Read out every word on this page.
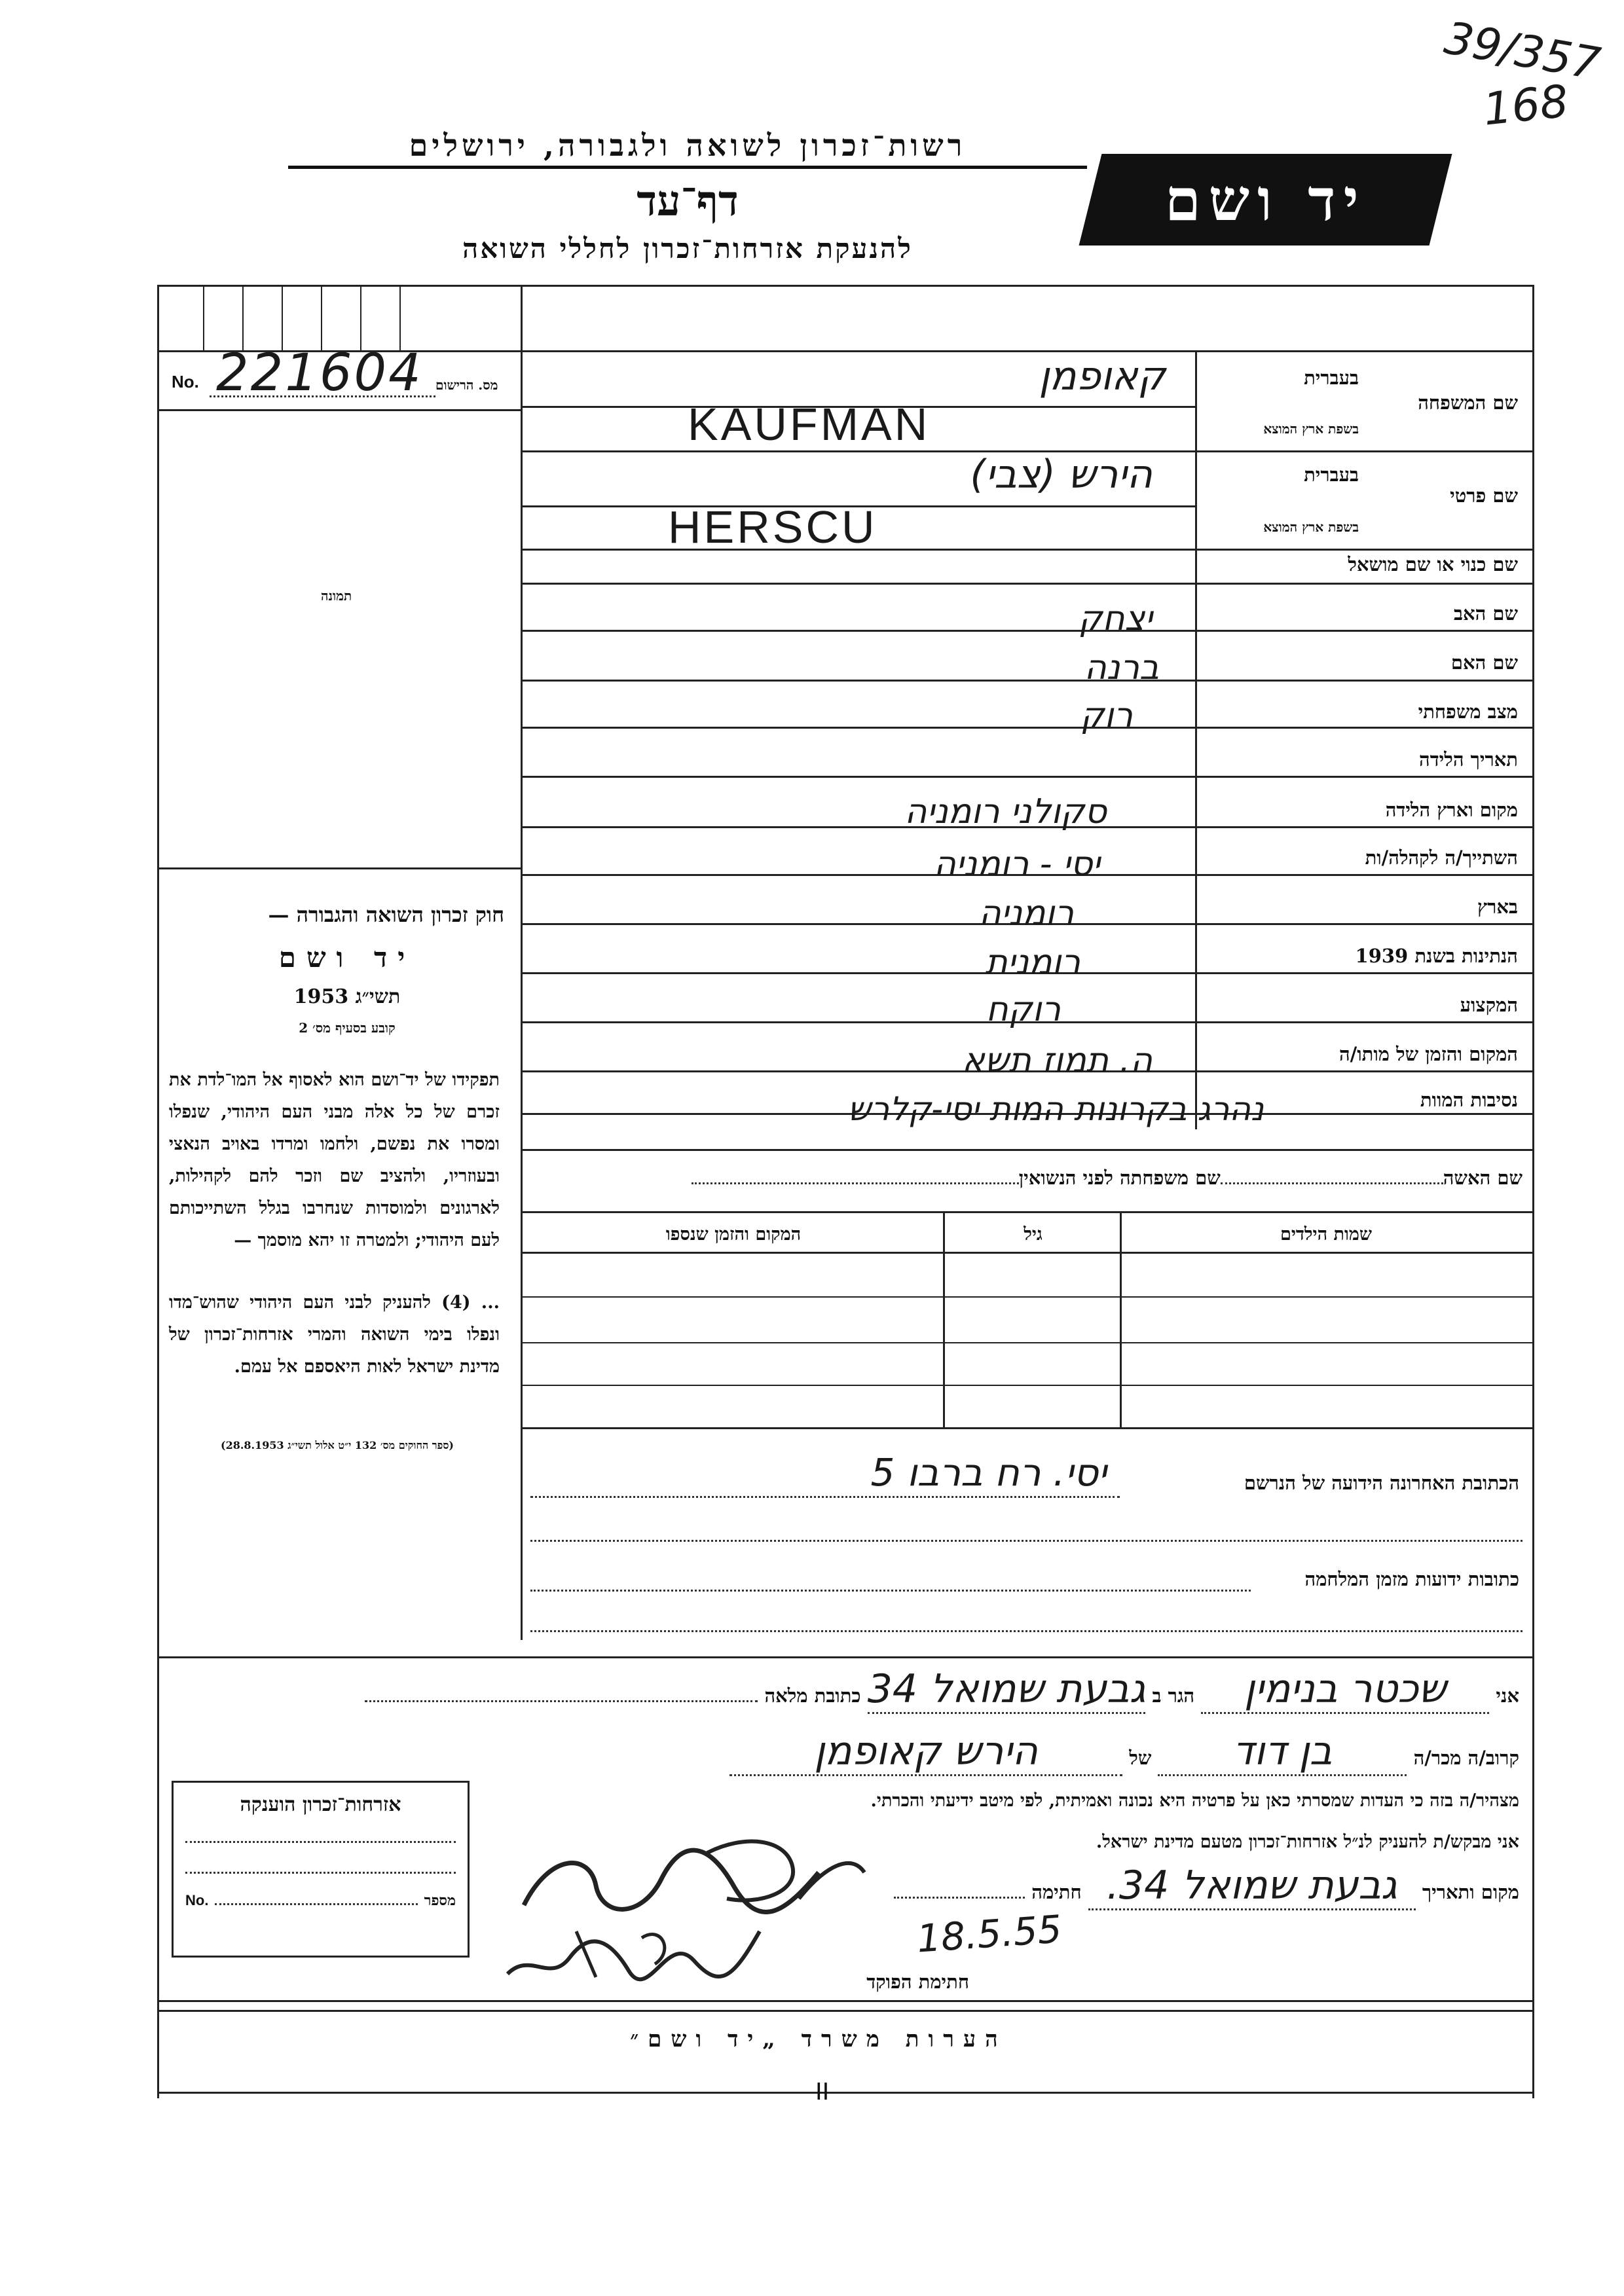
39/357
168
רשות־זכרון לשואה ולגבורה, ירושלים
דף־עד
להנעקת אזרחות־זכרון לחללי השואה
יד ושם
No. 221604 מס. הרישום
תמונה
חוק זכרון השואה והגבורה —
יד ושם
תשי״ג 1953
קובע בסעיף מס׳ 2
תפקידו של יד־ושם הוא לאסוף אל המו־לדת את זכרם של כל אלה מבני העם היהודי, שנפלו ומסרו את נפשם, ולחמו ומרדו באויב הנאצי ובעוזריו, ולהציב שם וזכר להם לקהילות, לארגונים ולמוסדות שנחרבו בגלל השתייכותם לעם היהודי; ולמטרה זו יהא מוסמך —
... (4) להעניק לבני העם היהודי שהוש־מדו ונפלו בימי השואה והמרי אזרחות־זכרון של מדינת ישראל לאות היאספם אל עמם.
(ספר החוקים מס׳ 132 י״ט אלול תשי״ג 28.8.1953)
שם המשפחה
בעברית
בשפת ארץ המוצא
שם פרטי
בעברית
בשפת ארץ המוצא
שם כנוי או שם מושאל
שם האב
שם האם
מצב משפחתי
תאריך הלידה
מקום וארץ הלידה
השתייך/ה לקהלה/ות
בארץ
הנתינות בשנת 1939
המקצוע
המקום והזמן של מותו/ה
נסיבות המוות
קאופמן
KAUFMAN
הירש (צבי)
HERSCU
יצחק
ברנה
רוק
סקולני רומניה
יסי - רומניה
רומניה
רומנית
רוקח
ה. תמוז תשא
נהרג בקרונות המות יסי-קלרש
שם האשהשם משפחתה לפני הנשואין
שמות הילדים
גיל
המקום והזמן שנספו
הכתובת האחרונה הידועה של הנרשם
יסי. רח ברבו 5
כתובות ידועות מזמן המלחמה
אני שכטר בנימין הגר ב גבעת שמואל 34 כתובת מלאה
קרוב/ה מכר/ה בן דוד של הירש קאופמן
מצהיר/ה בזה כי העדות שמסרתי כאן על פרטיה היא נכונה ואמיתית, לפי מיטב ידיעתי והכרתי.
אני מבקש/ת להעניק לנ״ל אזרחות־זכרון מטעם מדינת ישראל.
מקום ותאריך גבעת שמואל 34. חתימה
18.5.55
חתימת הפוקד
אזרחות־זכרון הוענקה
No.	מספר
הערות משרד „יד ושם״
II
